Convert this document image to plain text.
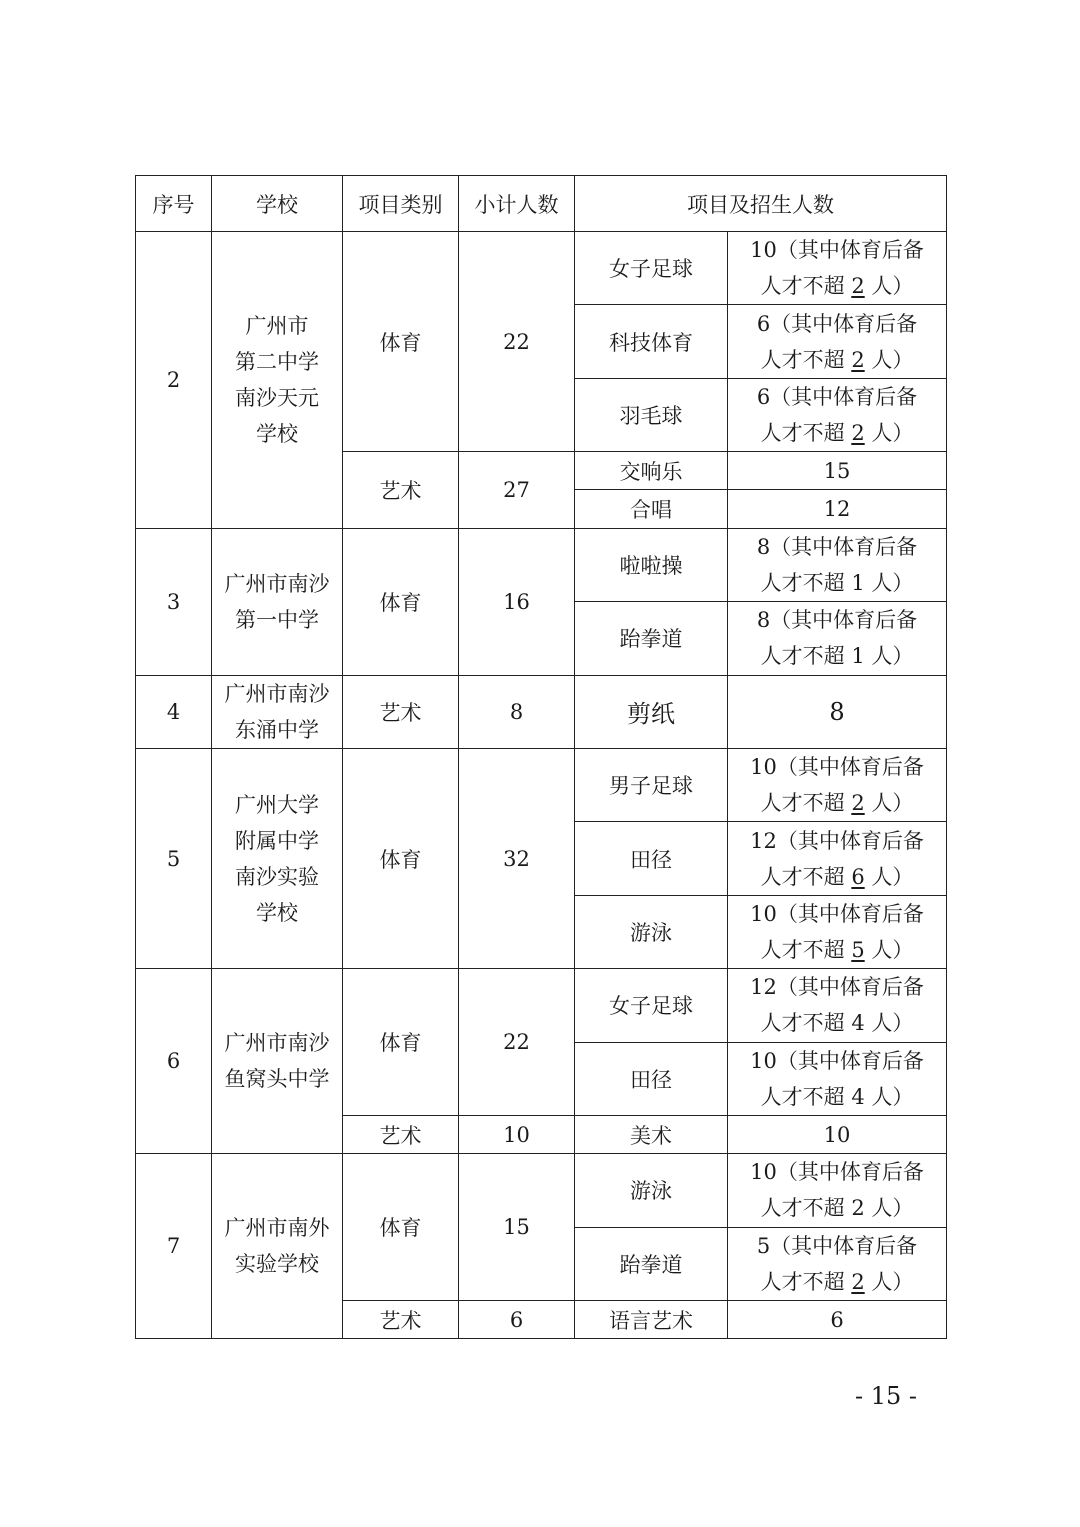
序号	学校	项目类别	小计人数	项目及招生人数	
2	广州市
第二中学
南沙天元
学校	体育	22	女子足球	10（其中体育后备
人才不超 2 人）
				科技体育	6（其中体育后备
人才不超 2 人）
				羽毛球	6（其中体育后备
人才不超 2 人）
		艺术	27	交响乐	15
				合唱	12
3	广州市南沙
第一中学	体育	16	啦啦操	8（其中体育后备
人才不超 1 人）
				跆拳道	8（其中体育后备
人才不超 1 人）
4	广州市南沙
东涌中学	艺术	8	剪纸	8
5	广州大学
附属中学
南沙实验
学校	体育	32	男子足球	10（其中体育后备
人才不超 2 人）
				田径	12（其中体育后备
人才不超 6 人）
				游泳	10（其中体育后备
人才不超 5 人）
6	广州市南沙
鱼窝头中学	体育	22	女子足球	12（其中体育后备
人才不超 4 人）
				田径	10（其中体育后备
人才不超 4 人）
		艺术	10	美术	10
7	广州市南外
实验学校	体育	15	游泳	10（其中体育后备
人才不超 2 人）
				跆拳道	5（其中体育后备
人才不超 2 人）
		艺术	6	语言艺术	6
- 15 -
